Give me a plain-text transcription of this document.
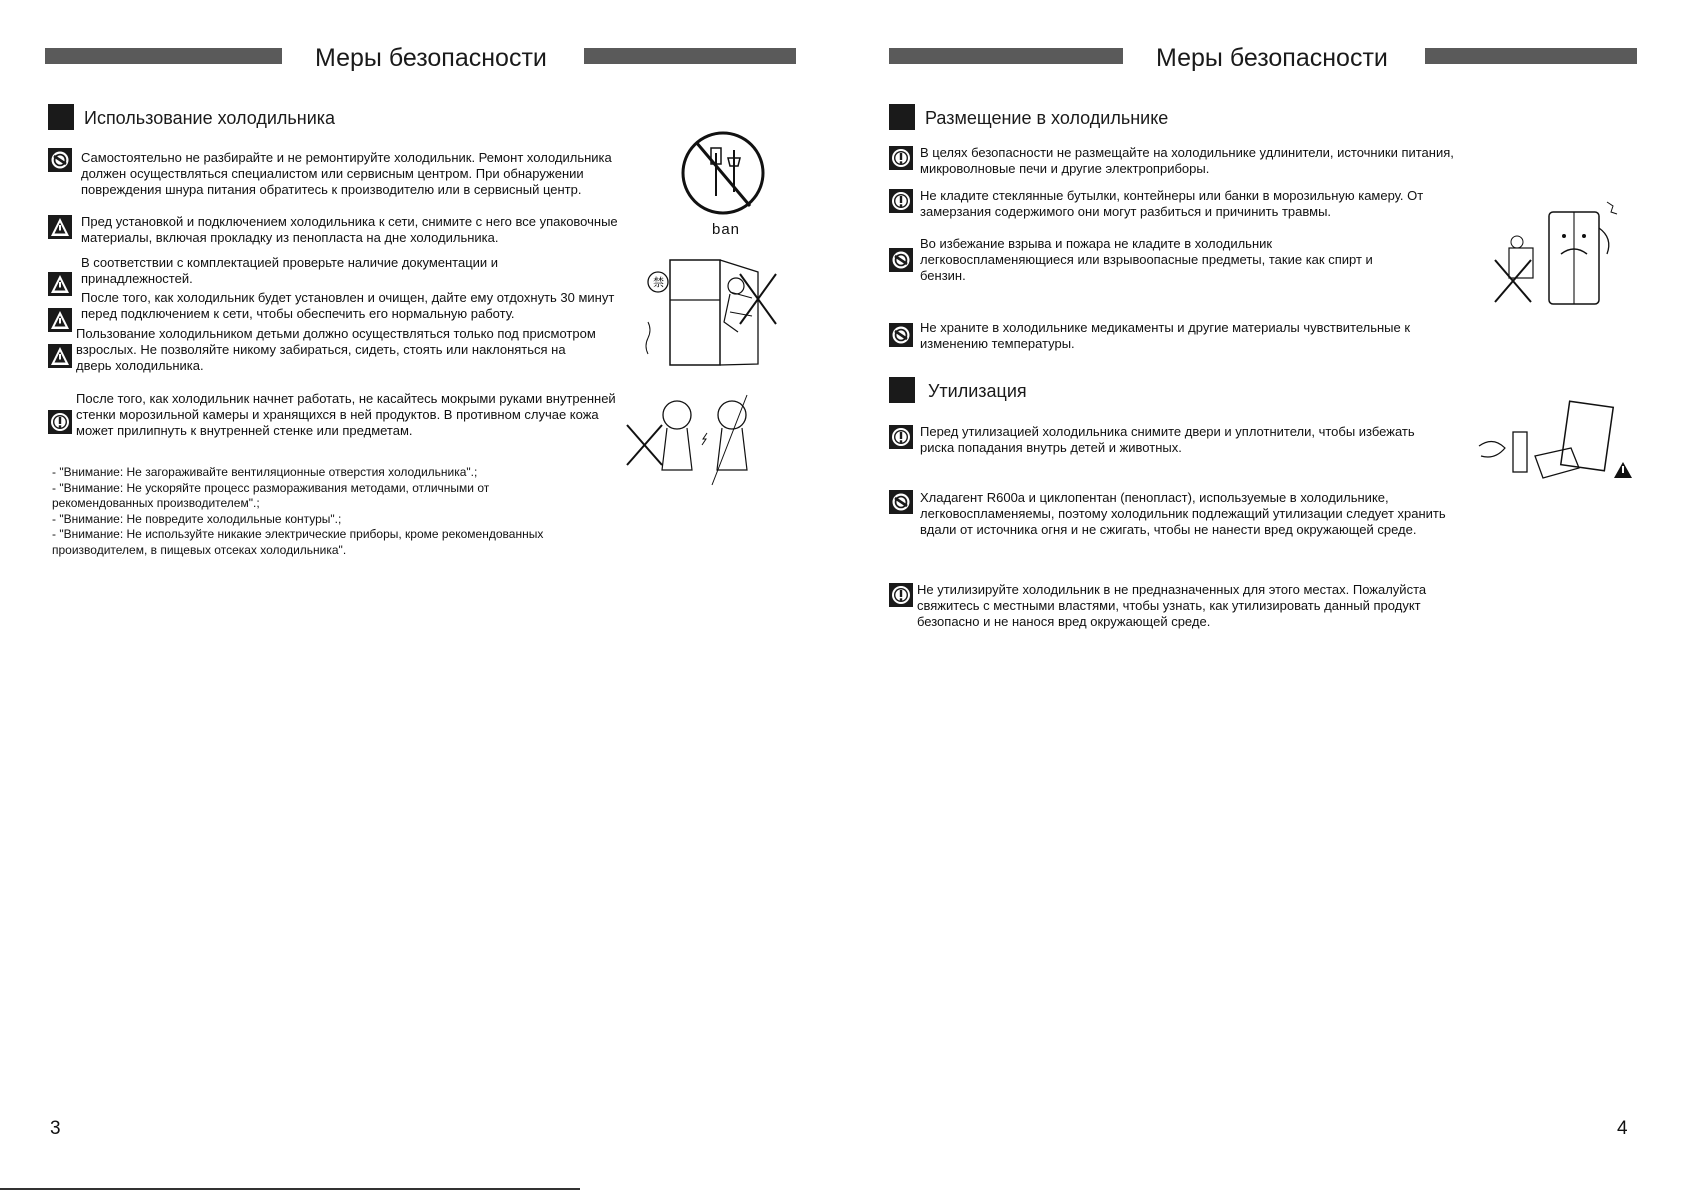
Меры безопасности
Использование холодильника
Самостоятельно не разбирайте и не ремонтируйте холодильник. Ремонт холодильника должен осуществляться специалистом или сервисным центром. При обнаружении повреждения шнура питания обратитесь к производителю или в сервисный центр.
Пред установкой и подключением холодильника к сети, снимите с него все упаковочные материалы, включая прокладку из пенопласта на дне холодильника.
В соответствии с комплектацией проверьте наличие документации и принадлежностей.
После того, как холодильник будет установлен и очищен, дайте ему отдохнуть 30 минут перед подключением к сети, чтобы обеспечить его нормальную работу.
Пользование холодильником детьми должно осуществляться только под присмотром взрослых. Не позволяйте никому забираться, сидеть, стоять или наклоняться на дверь холодильника.
После того, как холодильник начнет работать, не касайтесь мокрыми руками внутренней стенки морозильной камеры и хранящихся в ней продуктов. В противном случае кожа может прилипнуть к внутренней стенке или предметам.
ban
禁
- "Внимание: Не загораживайте вентиляционные отверстия холодильника".;
- "Внимание: Не ускоряйте процесс размораживания методами, отличными от
рекомендованных производителем".;
- "Внимание: Не повредите холодильные контуры".;
- "Внимание: Не используйте никакие электрические приборы, кроме рекомендованных
производителем, в пищевых отсеках холодильника".
3
Меры безопасности
Размещение в холодильнике
В целях безопасности не размещайте на холодильнике удлинители, источники питания, микроволновые печи и другие электроприборы.
Не кладите стеклянные бутылки, контейнеры или банки в морозильную камеру. От замерзания содержимого они могут разбиться и причинить травмы.
Во избежание взрыва и пожара не кладите в холодильник легковоспламеняющиеся или взрывоопасные предметы, такие как спирт и бензин.
Не храните в холодильнике медикаменты и другие материалы чувствительные к изменению температуры.
Утилизация
Перед утилизацией холодильника снимите двери и уплотнители, чтобы избежать риска попадания внутрь детей и животных.
Хладагент R600a и циклопентан (пенопласт), используемые в холодильнике, легковоспламеняемы, поэтому холодильник подлежащий утилизации следует хранить вдали от источника огня и не сжигать, чтобы не нанести вред окружающей среде.
Не утилизируйте холодильник в не предназначенных для этого местах. Пожалуйста свяжитесь с местными властями, чтобы узнать, как утилизировать данный продукт безопасно и не нанося вред окружающей среде.
4
